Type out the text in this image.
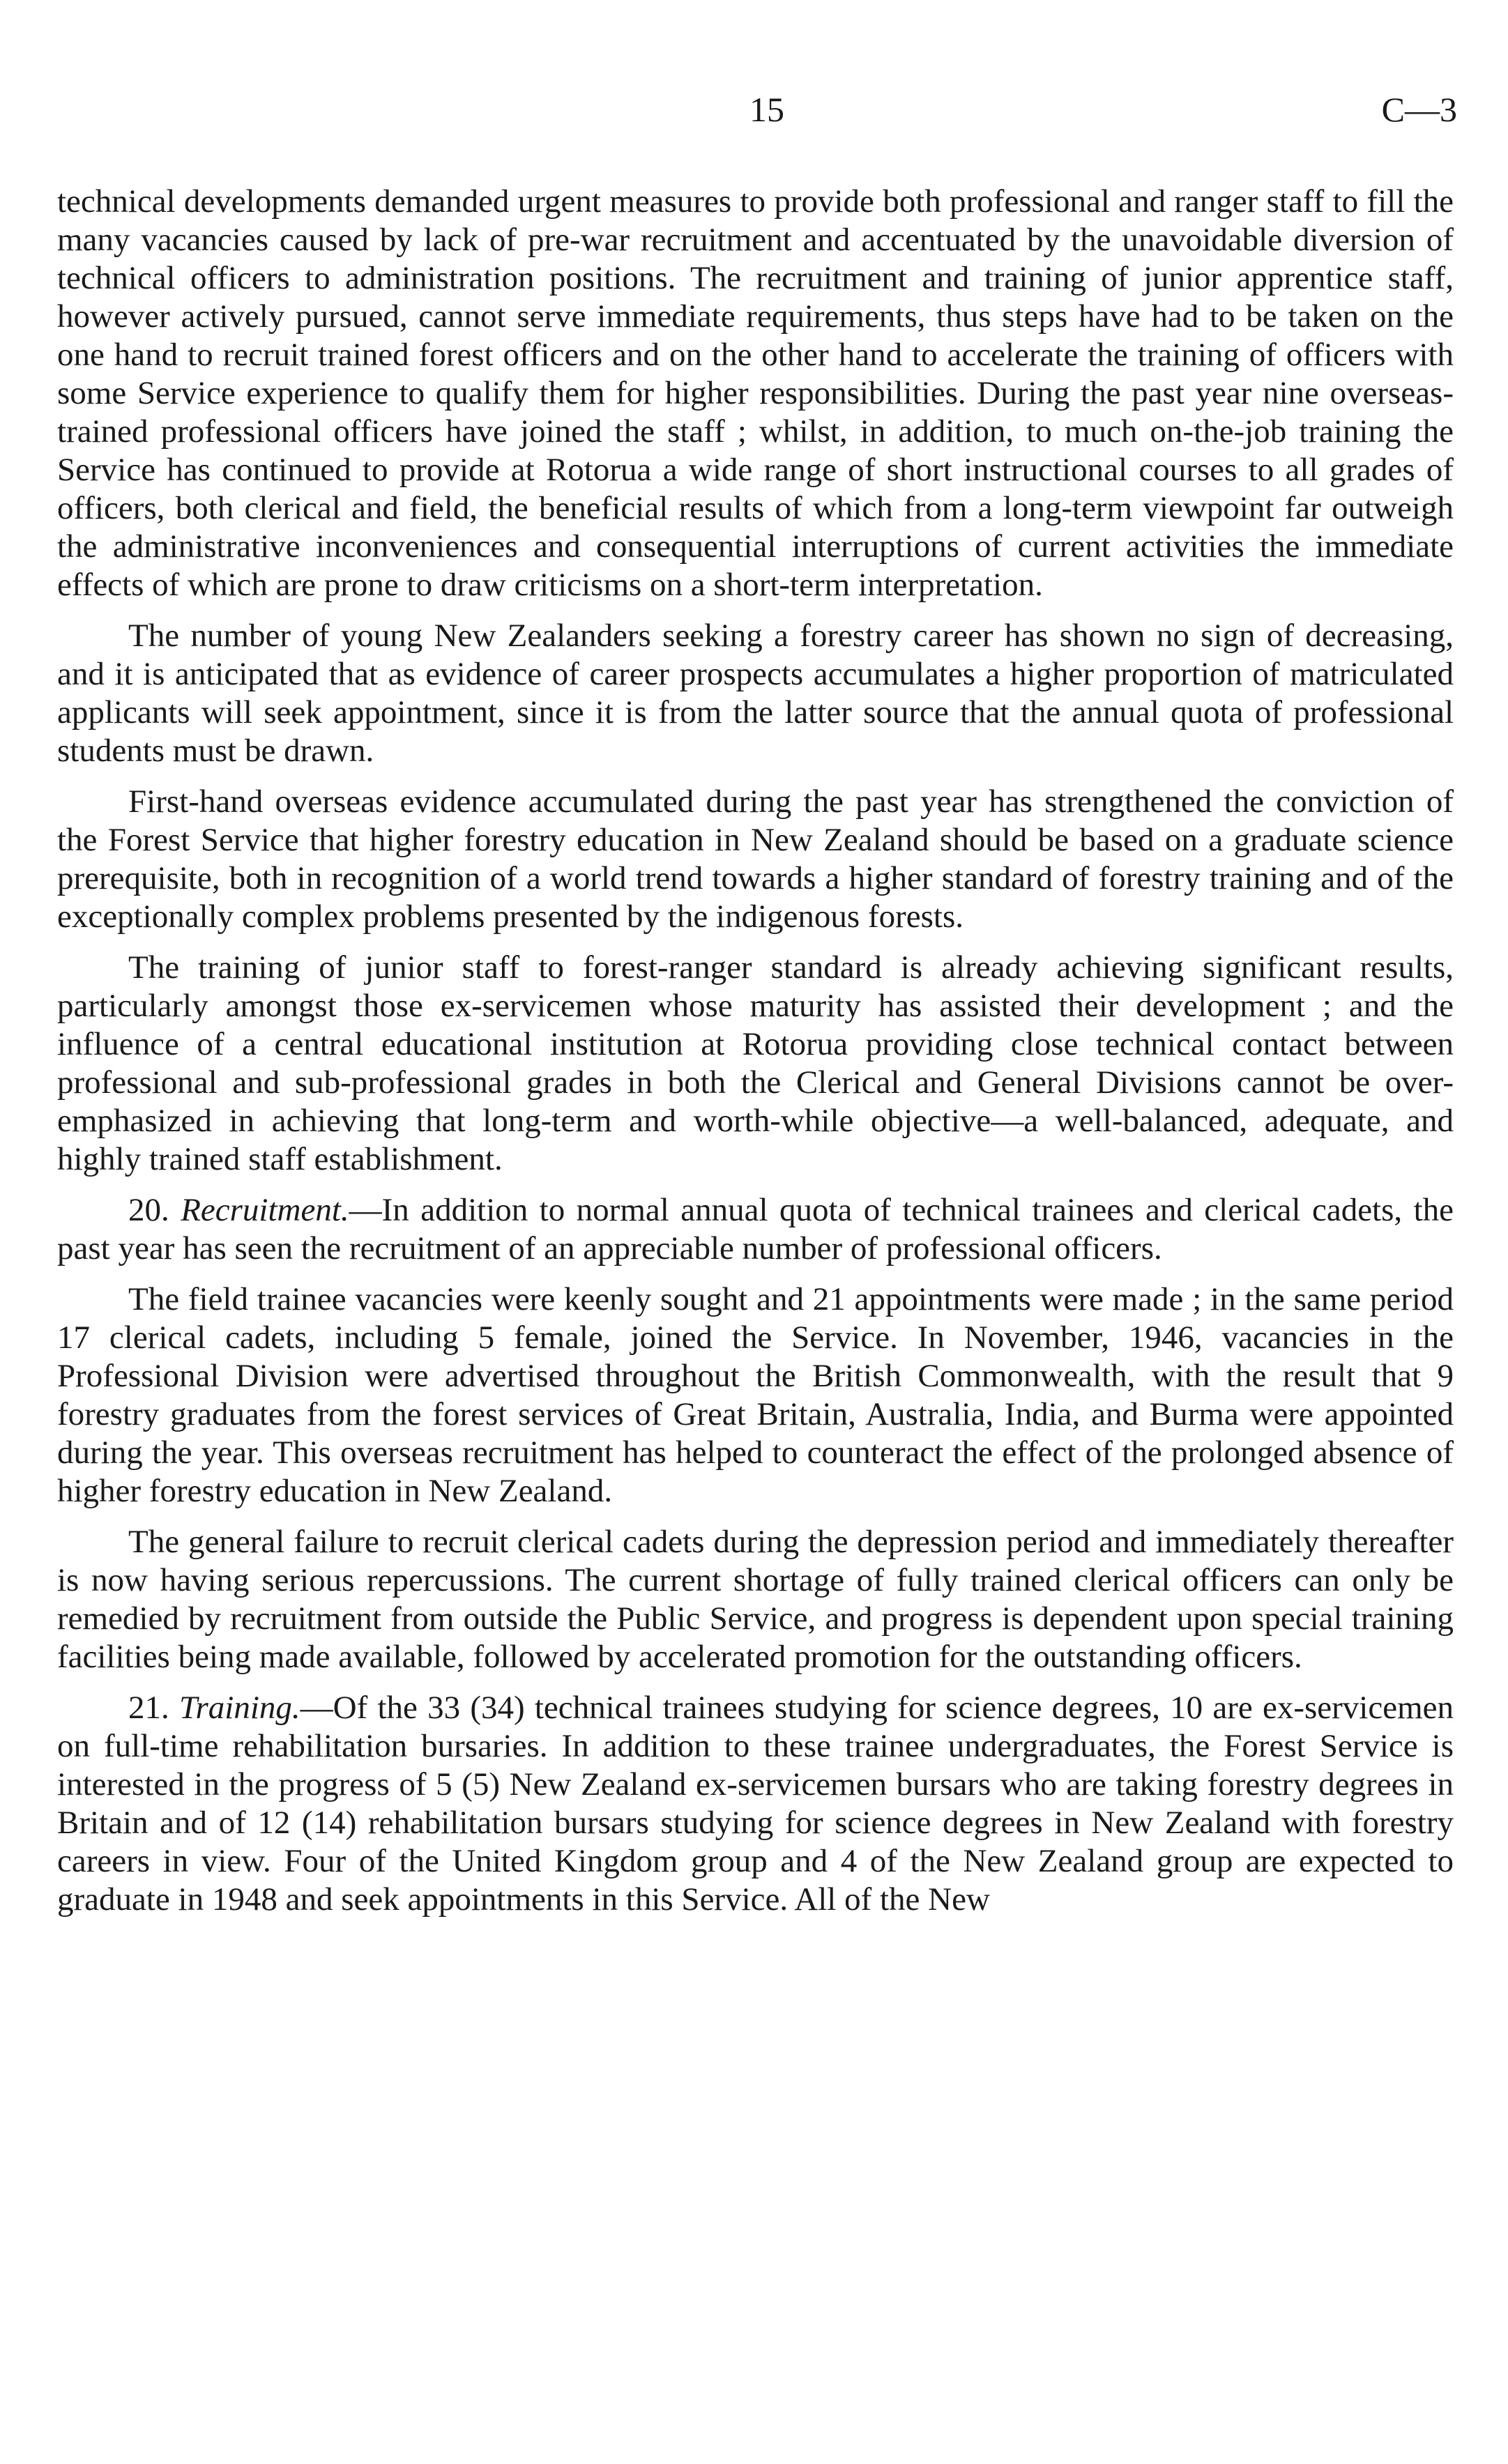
15	C—3

technical developments demanded urgent measures to provide both professional and ranger staff to fill the many vacancies caused by lack of pre-war recruitment and accentuated by the unavoidable diversion of technical officers to administration positions. The recruitment and training of junior apprentice staff, however actively pursued, cannot serve immediate requirements, thus steps have had to be taken on the one hand to recruit trained forest officers and on the other hand to accelerate the training of officers with some Service experience to qualify them for higher responsibilities. During the past year nine overseas-trained professional officers have joined the staff ; whilst, in addition, to much on-the-job training the Service has continued to provide at Rotorua a wide range of short instructional courses to all grades of officers, both clerical and field, the beneficial results of which from a long-term viewpoint far outweigh the administrative inconveniences and consequential interruptions of current activities the immediate effects of which are prone to draw criticisms on a short-term interpretation.

The number of young New Zealanders seeking a forestry career has shown no sign of decreasing, and it is anticipated that as evidence of career prospects accumulates a higher proportion of matriculated applicants will seek appointment, since it is from the latter source that the annual quota of professional students must be drawn.

First-hand overseas evidence accumulated during the past year has strengthened the conviction of the Forest Service that higher forestry education in New Zealand should be based on a graduate science prerequisite, both in recognition of a world trend towards a higher standard of forestry training and of the exceptionally complex problems presented by the indigenous forests.

The training of junior staff to forest-ranger standard is already achieving significant results, particularly amongst those ex-servicemen whose maturity has assisted their development ; and the influence of a central educational institution at Rotorua providing close technical contact between professional and sub-professional grades in both the Clerical and General Divisions cannot be over-emphasized in achieving that long-term and worth-while objective—a well-balanced, adequate, and highly trained staff establishment.

20. Recruitment.—In addition to normal annual quota of technical trainees and clerical cadets, the past year has seen the recruitment of an appreciable number of professional officers.

The field trainee vacancies were keenly sought and 21 appointments were made ; in the same period 17 clerical cadets, including 5 female, joined the Service. In November, 1946, vacancies in the Professional Division were advertised throughout the British Commonwealth, with the result that 9 forestry graduates from the forest services of Great Britain, Australia, India, and Burma were appointed during the year. This overseas recruitment has helped to counteract the effect of the prolonged absence of higher forestry education in New Zealand.

The general failure to recruit clerical cadets during the depression period and immediately thereafter is now having serious repercussions. The current shortage of fully trained clerical officers can only be remedied by recruitment from outside the Public Service, and progress is dependent upon special training facilities being made available, followed by accelerated promotion for the outstanding officers.

21. Training.—Of the 33 (34) technical trainees studying for science degrees, 10 are ex-servicemen on full-time rehabilitation bursaries. In addition to these trainee undergraduates, the Forest Service is interested in the progress of 5 (5) New Zealand ex-servicemen bursars who are taking forestry degrees in Britain and of 12 (14) rehabilitation bursars studying for science degrees in New Zealand with forestry careers in view. Four of the United Kingdom group and 4 of the New Zealand group are expected to graduate in 1948 and seek appointments in this Service. All of the New
